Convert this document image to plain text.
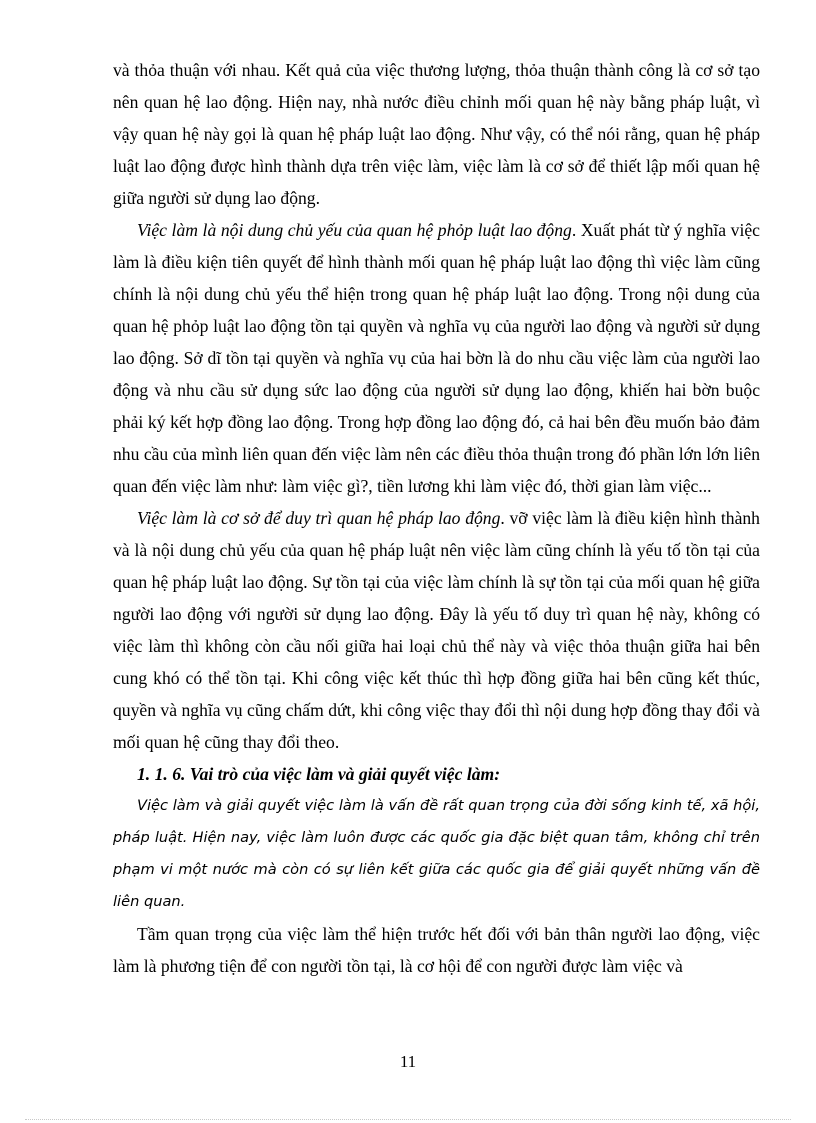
và thỏa thuận với nhau. Kết quả của việc thương lượng, thỏa thuận thành công là cơ sở tạo nên quan hệ lao động. Hiện nay, nhà nước điều chỉnh mối quan hệ này bằng pháp luật, vì vậy quan hệ này gọi là quan hệ pháp luật lao động. Như vậy, có thể nói rằng, quan hệ pháp luật lao động được hình thành dựa trên việc làm, việc làm là cơ sở để thiết lập mối quan hệ giữa người sử dụng lao động.

Việc làm là nội dung chủ yếu của quan hệ phỏp luật lao động. Xuất phát từ ý nghĩa việc làm là điều kiện tiên quyết để hình thành mối quan hệ pháp luật lao động thì việc làm cũng chính là nội dung chủ yếu thể hiện trong quan hệ pháp luật lao động. Trong nội dung của quan hệ phỏp luật lao động tồn tại quyền và nghĩa vụ của người lao động và người sử dụng lao động. Sở dĩ tồn tại quyền và nghĩa vụ của hai bờn là do nhu cầu việc làm của người lao động và nhu cầu sử dụng sức lao động của người sử dụng lao động, khiến hai bờn buộc phải ký kết hợp đồng lao động. Trong hợp đồng lao động đó, cả hai bên đều muốn bảo đảm nhu cầu của mình liên quan đến việc làm nên các điều thỏa thuận trong đó phần lớn lớn liên quan đến việc làm như: làm việc gì?, tiền lương khi làm việc đó, thời gian làm việc...

Việc làm là cơ sở để duy trì quan hệ pháp lao động. vỡ việc làm là điều kiện hình thành và là nội dung chủ yếu của quan hệ pháp luật nên việc làm cũng chính là yếu tố tồn tại của quan hệ pháp luật lao động. Sự tồn tại của việc làm chính là sự tồn tại của mối quan hệ giữa người lao động với người sử dụng lao động. Đây là yếu tố duy trì quan hệ này, không có việc làm thì không còn cầu nối giữa hai loại chủ thể này và việc thỏa thuận giữa hai bên cung khó có thể tồn tại. Khi công việc kết thúc thì hợp đồng giữa hai bên cũng kết thúc, quyền và nghĩa vụ cũng chấm dứt, khi công việc thay đổi thì nội dung hợp đồng thay đổi và mối quan hệ cũng thay đổi theo.

1. 1. 6. Vai trò của việc làm và giải quyết việc làm:

Việc làm và giải quyết việc làm là vấn đề rất quan trọng của đời sống kinh tế, xã hội, pháp luật. Hiện nay, việc làm luôn được các quốc gia đặc biệt quan tâm, không chỉ trên phạm vi một nước mà còn có sự liên kết giữa các quốc gia để giải quyết những vấn đề liên quan.

Tầm quan trọng của việc làm thể hiện trước hết đối với bản thân người lao động, việc làm là phương tiện để con người tồn tại, là cơ hội để con người được làm việc và

11
